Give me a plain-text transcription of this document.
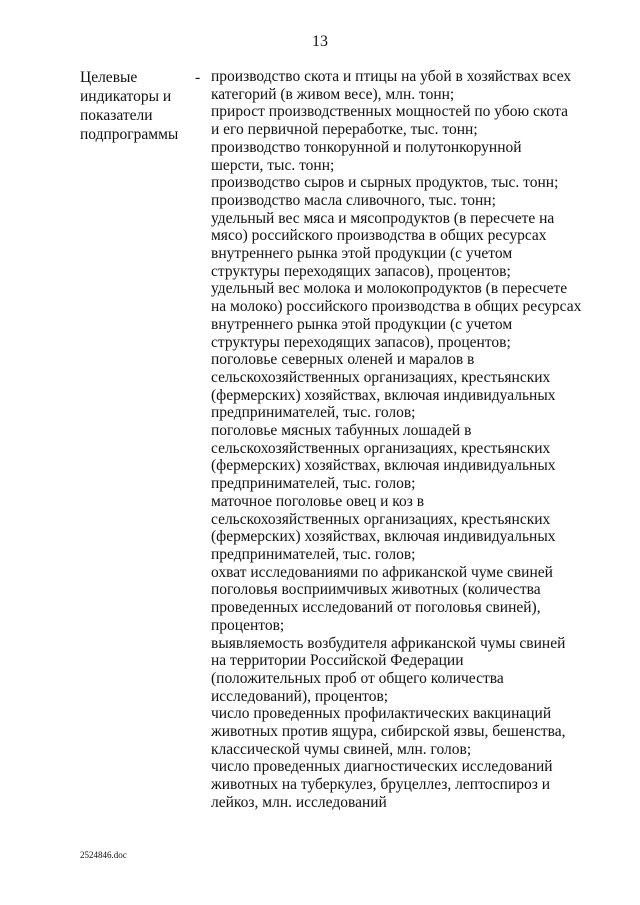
13
Целевые
индикаторы и
показатели
подпрограммы
- производство скота и птицы на убой в хозяйствах всех
категорий (в живом весе), млн. тонн;
прирост производственных мощностей по убою скота
и его первичной переработке, тыс. тонн;
производство тонкорунной и полутонкорунной
шерсти, тыс. тонн;
производство сыров и сырных продуктов, тыс. тонн;
производство масла сливочного, тыс. тонн;
удельный вес мяса и мясопродуктов (в пересчете на
мясо) российского производства в общих ресурсах
внутреннего рынка этой продукции (с учетом
структуры переходящих запасов), процентов;
удельный вес молока и молокопродуктов (в пересчете
на молоко) российского производства в общих ресурсах
внутреннего рынка этой продукции (с учетом
структуры переходящих запасов), процентов;
поголовье северных оленей и маралов в
сельскохозяйственных организациях, крестьянских
(фермерских) хозяйствах, включая индивидуальных
предпринимателей, тыс. голов;
поголовье мясных табунных лошадей в
сельскохозяйственных организациях, крестьянских
(фермерских) хозяйствах, включая индивидуальных
предпринимателей, тыс. голов;
маточное поголовье овец и коз в
сельскохозяйственных организациях, крестьянских
(фермерских) хозяйствах, включая индивидуальных
предпринимателей, тыс. голов;
охват исследованиями по африканской чуме свиней
поголовья восприимчивых животных (количества
проведенных исследований от поголовья свиней),
процентов;
выявляемость возбудителя африканской чумы свиней
на территории Российской Федерации
(положительных проб от общего количества
исследований), процентов;
число проведенных профилактических вакцинаций
животных против ящура, сибирской язвы, бешенства,
классической чумы свиней, млн. голов;
число проведенных диагностических исследований
животных на туберкулез, бруцеллез, лептоспироз и
лейкоз, млн. исследований
2524846.doc
